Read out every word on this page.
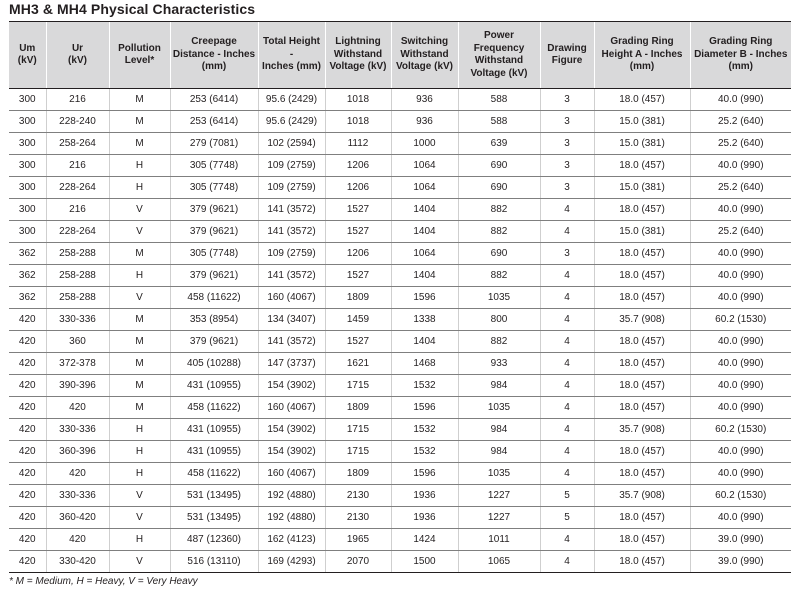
MH3 & MH4 Physical Characteristics
Um
(kV)	Ur
(kV)	Pollution
Level*	Creepage
Distance - Inches
(mm)	Total Height -
Inches (mm)	Lightning
Withstand
Voltage (kV)	Switching
Withstand
Voltage (kV)	Power
Frequency
Withstand
Voltage (kV)	Drawing
Figure	Grading Ring
Height A - Inches
(mm)	Grading Ring
Diameter B - Inches
(mm)
300	216	M	253 (6414)	95.6 (2429)	1018	936	588	3	18.0 (457)	40.0 (990)
300	228-240	M	253 (6414)	95.6 (2429)	1018	936	588	3	15.0 (381)	25.2 (640)
300	258-264	M	279 (7081)	102 (2594)	1112	1000	639	3	15.0 (381)	25.2 (640)
300	216	H	305 (7748)	109 (2759)	1206	1064	690	3	18.0 (457)	40.0 (990)
300	228-264	H	305 (7748)	109 (2759)	1206	1064	690	3	15.0 (381)	25.2 (640)
300	216	V	379 (9621)	141 (3572)	1527	1404	882	4	18.0 (457)	40.0 (990)
300	228-264	V	379 (9621)	141 (3572)	1527	1404	882	4	15.0 (381)	25.2 (640)
362	258-288	M	305 (7748)	109 (2759)	1206	1064	690	3	18.0 (457)	40.0 (990)
362	258-288	H	379 (9621)	141 (3572)	1527	1404	882	4	18.0 (457)	40.0 (990)
362	258-288	V	458 (11622)	160 (4067)	1809	1596	1035	4	18.0 (457)	40.0 (990)
420	330-336	M	353 (8954)	134 (3407)	1459	1338	800	4	35.7 (908)	60.2 (1530)
420	360	M	379 (9621)	141 (3572)	1527	1404	882	4	18.0 (457)	40.0 (990)
420	372-378	M	405 (10288)	147 (3737)	1621	1468	933	4	18.0 (457)	40.0 (990)
420	390-396	M	431 (10955)	154 (3902)	1715	1532	984	4	18.0 (457)	40.0 (990)
420	420	M	458 (11622)	160 (4067)	1809	1596	1035	4	18.0 (457)	40.0 (990)
420	330-336	H	431 (10955)	154 (3902)	1715	1532	984	4	35.7 (908)	60.2 (1530)
420	360-396	H	431 (10955)	154 (3902)	1715	1532	984	4	18.0 (457)	40.0 (990)
420	420	H	458 (11622)	160 (4067)	1809	1596	1035	4	18.0 (457)	40.0 (990)
420	330-336	V	531 (13495)	192 (4880)	2130	1936	1227	5	35.7 (908)	60.2 (1530)
420	360-420	V	531 (13495)	192 (4880)	2130	1936	1227	5	18.0 (457)	40.0 (990)
420	420	H	487 (12360)	162 (4123)	1965	1424	1011	4	18.0 (457)	39.0 (990)
420	330-420	V	516 (13110)	169 (4293)	2070	1500	1065	4	18.0 (457)	39.0 (990)
* M = Medium, H = Heavy, V = Very Heavy
